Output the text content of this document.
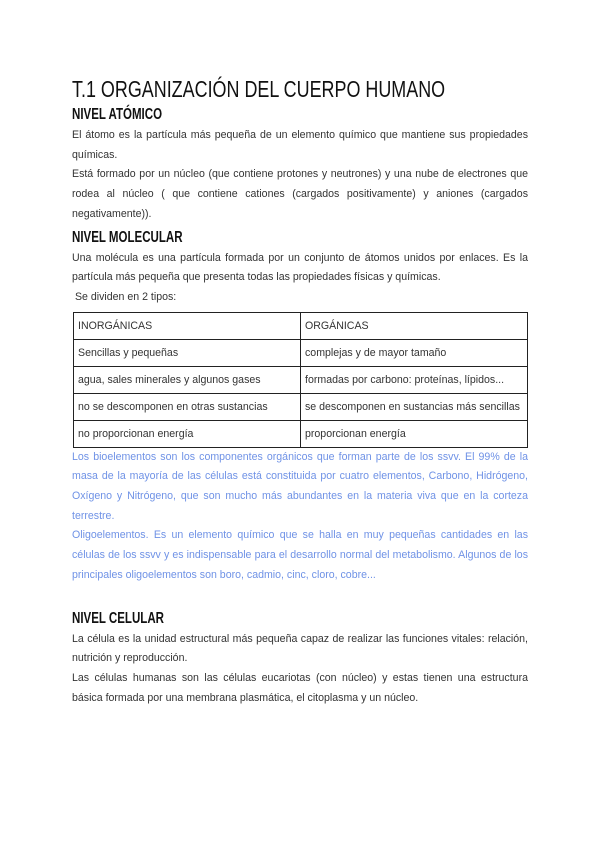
T.1 ORGANIZACIÓN DEL CUERPO HUMANO
NIVEL ATÓMICO

El átomo es la partícula más pequeña de un elemento químico que mantiene sus propiedades químicas.

Está formado por un núcleo (que contiene protones y neutrones) y una nube de electrones que rodea al núcleo ( que contiene cationes (cargados positivamente) y aniones (cargados negativamente)).

NIVEL MOLECULAR

Una molécula es una partícula formada por un conjunto de átomos unidos por enlaces. Es la partícula más pequeña que presenta todas las propiedades físicas y químicas.

Se dividen en 2 tipos:

INORGÁNICAS	ORGÁNICAS
Sencillas y pequeñas	complejas y de mayor tamaño
agua, sales minerales y algunos gases	formadas por carbono: proteínas, lípidos...
no se descomponen en otras sustancias	se descomponen en sustancias más sencillas
no proporcionan energía	proporcionan energía

Los bioelementos son los componentes orgánicos que forman parte de los ssvv. El 99% de la masa de la mayoría de las células está constituida por cuatro elementos, Carbono, Hidrógeno, Oxígeno y Nitrógeno, que son mucho más abundantes en la materia viva que en la corteza terrestre.

Oligoelementos. Es un elemento químico que se halla en muy pequeñas cantidades en las células de los ssvv y es indispensable para el desarrollo normal del metabolismo. Algunos de los principales oligoelementos son boro, cadmio, cinc, cloro, cobre...

NIVEL CELULAR

La célula es la unidad estructural más pequeña capaz de realizar las funciones vitales: relación, nutrición y reproducción.

Las células humanas son las células eucariotas (con núcleo) y estas tienen una estructura básica formada por una membrana plasmática, el citoplasma y un núcleo.
